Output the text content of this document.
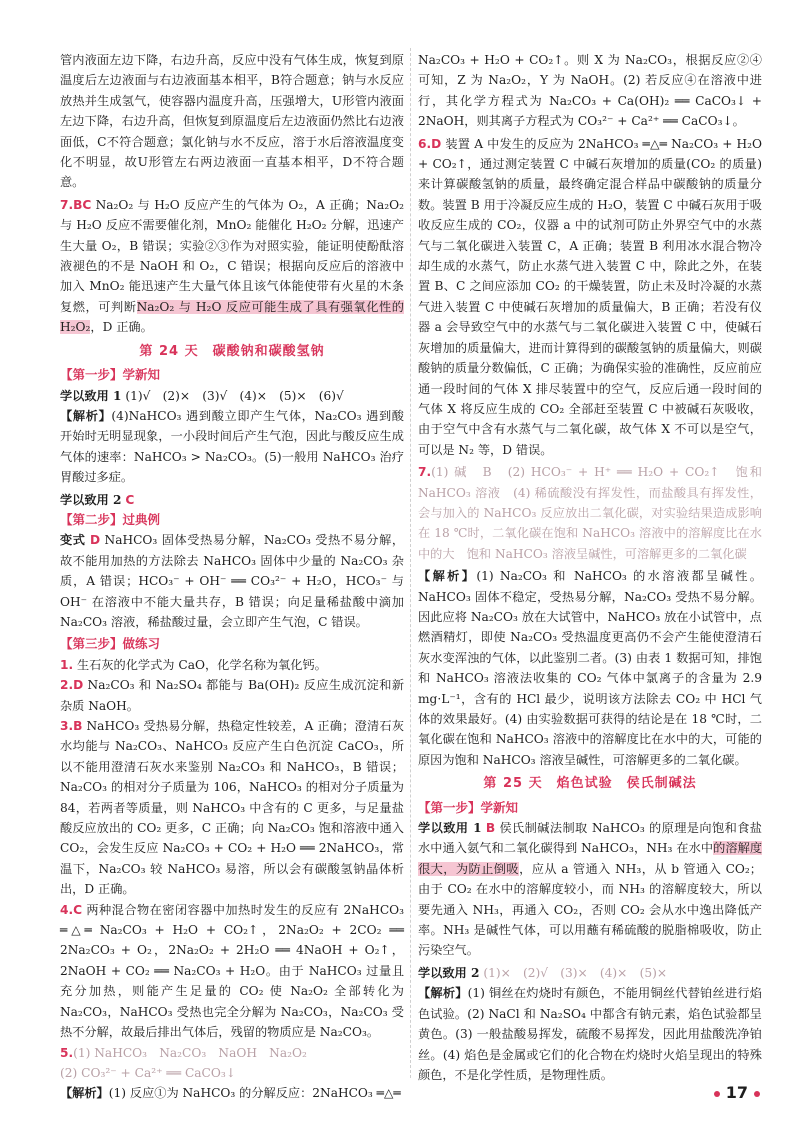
管内液面左边下降，右边升高，反应中没有气体生成，恢复到原温度后左边液面与右边液面基本相平，B符合题意；钠与水反应放热并生成氢气，使容器内温度升高，压强增大，U形管内液面左边下降，右边升高，但恢复到原温度后左边液面仍然比右边液面低，C不符合题意；氯化钠与水不反应，溶于水后溶液温度变化不明显，故U形管左右两边液面一直基本相平，D不符合题意。

7.BC Na₂O₂ 与 H₂O 反应产生的气体为 O₂，A 正确；Na₂O₂ 与 H₂O 反应不需要催化剂，MnO₂ 能催化 H₂O₂ 分解，迅速产生大量 O₂，B 错误；实验②③作为对照实验，能证明使酚酞溶液褪色的不是 NaOH 和 O₂，C 错误；根据向反应后的溶液中加入 MnO₂ 能迅速产生大量气体且该气体能使带有火星的木条复燃，可判断Na₂O₂ 与 H₂O 反应可能生成了具有强氧化性的 H₂O₂，D 正确。

第 24 天　碳酸钠和碳酸氢钠
【第一步】学新知

学以致用 1 (1)√　(2)×　(3)√　(4)×　(5)×　(6)√

【解析】(4)NaHCO₃ 遇到酸立即产生气体，Na₂CO₃ 遇到酸开始时无明显现象，一小段时间后产生气泡，因此与酸反应生成气体的速率：NaHCO₃ > Na₂CO₃。(5)一般用 NaHCO₃ 治疗胃酸过多症。

学以致用 2 C

【第二步】过典例

变式 D NaHCO₃ 固体受热易分解，Na₂CO₃ 受热不易分解，故不能用加热的方法除去 NaHCO₃ 固体中少量的 Na₂CO₃ 杂质，A 错误；HCO₃⁻ + OH⁻ ══ CO₃²⁻ + H₂O，HCO₃⁻ 与 OH⁻ 在溶液中不能大量共存，B 错误；向足量稀盐酸中滴加 Na₂CO₃ 溶液，稀盐酸过量，会立即产生气泡，C 错误。

【第三步】做练习

1. 生石灰的化学式为 CaO，化学名称为氧化钙。

2.D Na₂CO₃ 和 Na₂SO₄ 都能与 Ba(OH)₂ 反应生成沉淀和新杂质 NaOH。

3.B NaHCO₃ 受热易分解，热稳定性较差，A 正确；澄清石灰水均能与 Na₂CO₃、NaHCO₃ 反应产生白色沉淀 CaCO₃，所以不能用澄清石灰水来鉴别 Na₂CO₃ 和 NaHCO₃，B 错误；Na₂CO₃ 的相对分子质量为 106，NaHCO₃ 的相对分子质量为 84，若两者等质量，则 NaHCO₃ 中含有的 C 更多，与足量盐酸反应放出的 CO₂ 更多，C 正确；向 Na₂CO₃ 饱和溶液中通入 CO₂，会发生反应 Na₂CO₃ + CO₂ + H₂O ══ 2NaHCO₃，常温下，Na₂CO₃ 较 NaHCO₃ 易溶，所以会有碳酸氢钠晶体析出，D 正确。

4.C 两种混合物在密闭容器中加热时发生的反应有 2NaHCO₃ ═△═ Na₂CO₃ + H₂O + CO₂↑，2Na₂O₂ + 2CO₂ ══ 2Na₂CO₃ + O₂，2Na₂O₂ + 2H₂O ══ 4NaOH + O₂↑，2NaOH + CO₂ ══ Na₂CO₃ + H₂O。由于 NaHCO₃ 过量且充分加热，则能产生足量的 CO₂ 使 Na₂O₂ 全部转化为 Na₂CO₃，NaHCO₃ 受热也完全分解为 Na₂CO₃，Na₂CO₃ 受热不分解，故最后排出气体后，残留的物质应是 Na₂CO₃。

5.(1) NaHCO₃　Na₂CO₃　NaOH　Na₂O₂

(2) CO₃²⁻ + Ca²⁺ ══ CaCO₃↓

【解析】(1) 反应①为 NaHCO₃ 的分解反应：2NaHCO₃ ═△═

Na₂CO₃ + H₂O + CO₂↑。则 X 为 Na₂CO₃，根据反应②④可知，Z 为 Na₂O₂，Y 为 NaOH。(2) 若反应④在溶液中进行，其化学方程式为 Na₂CO₃ + Ca(OH)₂ ══ CaCO₃↓ + 2NaOH，则其离子方程式为 CO₃²⁻ + Ca²⁺ ══ CaCO₃↓。

6.D 装置 A 中发生的反应为 2NaHCO₃ ═△═ Na₂CO₃ + H₂O + CO₂↑，通过测定装置 C 中碱石灰增加的质量(CO₂ 的质量)来计算碳酸氢钠的质量，最终确定混合样品中碳酸钠的质量分数。装置 B 用于冷凝反应生成的 H₂O，装置 C 中碱石灰用于吸收反应生成的 CO₂，仪器 a 中的试剂可防止外界空气中的水蒸气与二氧化碳进入装置 C，A 正确；装置 B 利用冰水混合物冷却生成的水蒸气，防止水蒸气进入装置 C 中，除此之外，在装置 B、C 之间应添加 CO₂ 的干燥装置，防止未及时冷凝的水蒸气进入装置 C 中使碱石灰增加的质量偏大，B 正确；若没有仪器 a 会导致空气中的水蒸气与二氧化碳进入装置 C 中，使碱石灰增加的质量偏大，进而计算得到的碳酸氢钠的质量偏大，则碳酸钠的质量分数偏低，C 正确；为确保实验的准确性，反应前应通一段时间的气体 X 排尽装置中的空气，反应后通一段时间的气体 X 将反应生成的 CO₂ 全部赶至装置 C 中被碱石灰吸收，由于空气中含有水蒸气与二氧化碳，故气体 X 不可以是空气，可以是 N₂ 等，D 错误。

7.(1) 碱　B　(2) HCO₃⁻ + H⁺ ══ H₂O + CO₂↑　饱和 NaHCO₃ 溶液　(4) 稀硫酸没有挥发性，而盐酸具有挥发性，会与加入的 NaHCO₃ 反应放出二氧化碳，对实验结果造成影响　在 18 ℃时，二氧化碳在饱和 NaHCO₃ 溶液中的溶解度比在水中的大　饱和 NaHCO₃ 溶液呈碱性，可溶解更多的二氧化碳

【解析】(1) Na₂CO₃ 和 NaHCO₃ 的水溶液都呈碱性。NaHCO₃ 固体不稳定，受热易分解，Na₂CO₃ 受热不易分解。因此应将 Na₂CO₃ 放在大试管中，NaHCO₃ 放在小试管中，点燃酒精灯，即使 Na₂CO₃ 受热温度更高仍不会产生能使澄清石灰水变浑浊的气体，以此鉴别二者。(3) 由表 1 数据可知，排饱和 NaHCO₃ 溶液法收集的 CO₂ 气体中氯离子的含量为 2.9 mg·L⁻¹，含有的 HCl 最少，说明该方法除去 CO₂ 中 HCl 气体的效果最好。(4) 由实验数据可获得的结论是在 18 ℃时，二氧化碳在饱和 NaHCO₃ 溶液中的溶解度比在水中的大，可能的原因为饱和 NaHCO₃ 溶液呈碱性，可溶解更多的二氧化碳。

第 25 天　焰色试验　侯氏制碱法
【第一步】学新知

学以致用 1 B 侯氏制碱法制取 NaHCO₃ 的原理是向饱和食盐水中通入氨气和二氧化碳得到 NaHCO₃，NH₃ 在水中的溶解度很大，为防止倒吸，应从 a 管通入 NH₃，从 b 管通入 CO₂；由于 CO₂ 在水中的溶解度较小，而 NH₃ 的溶解度较大，所以要先通入 NH₃，再通入 CO₂，否则 CO₂ 会从水中逸出降低产率。NH₃ 是碱性气体，可以用蘸有稀硫酸的脱脂棉吸收，防止污染空气。

学以致用 2 (1)×　(2)√　(3)×　(4)×　(5)×

【解析】(1) 铜丝在灼烧时有颜色，不能用铜丝代替铂丝进行焰色试验。(2) NaCl 和 Na₂SO₄ 中都含有钠元素，焰色试验都呈黄色。(3) 一般盐酸易挥发，硫酸不易挥发，因此用盐酸洗净铂丝。(4) 焰色是金属或它们的化合物在灼烧时火焰呈现出的特殊颜色，不是化学性质，是物理性质。

17
